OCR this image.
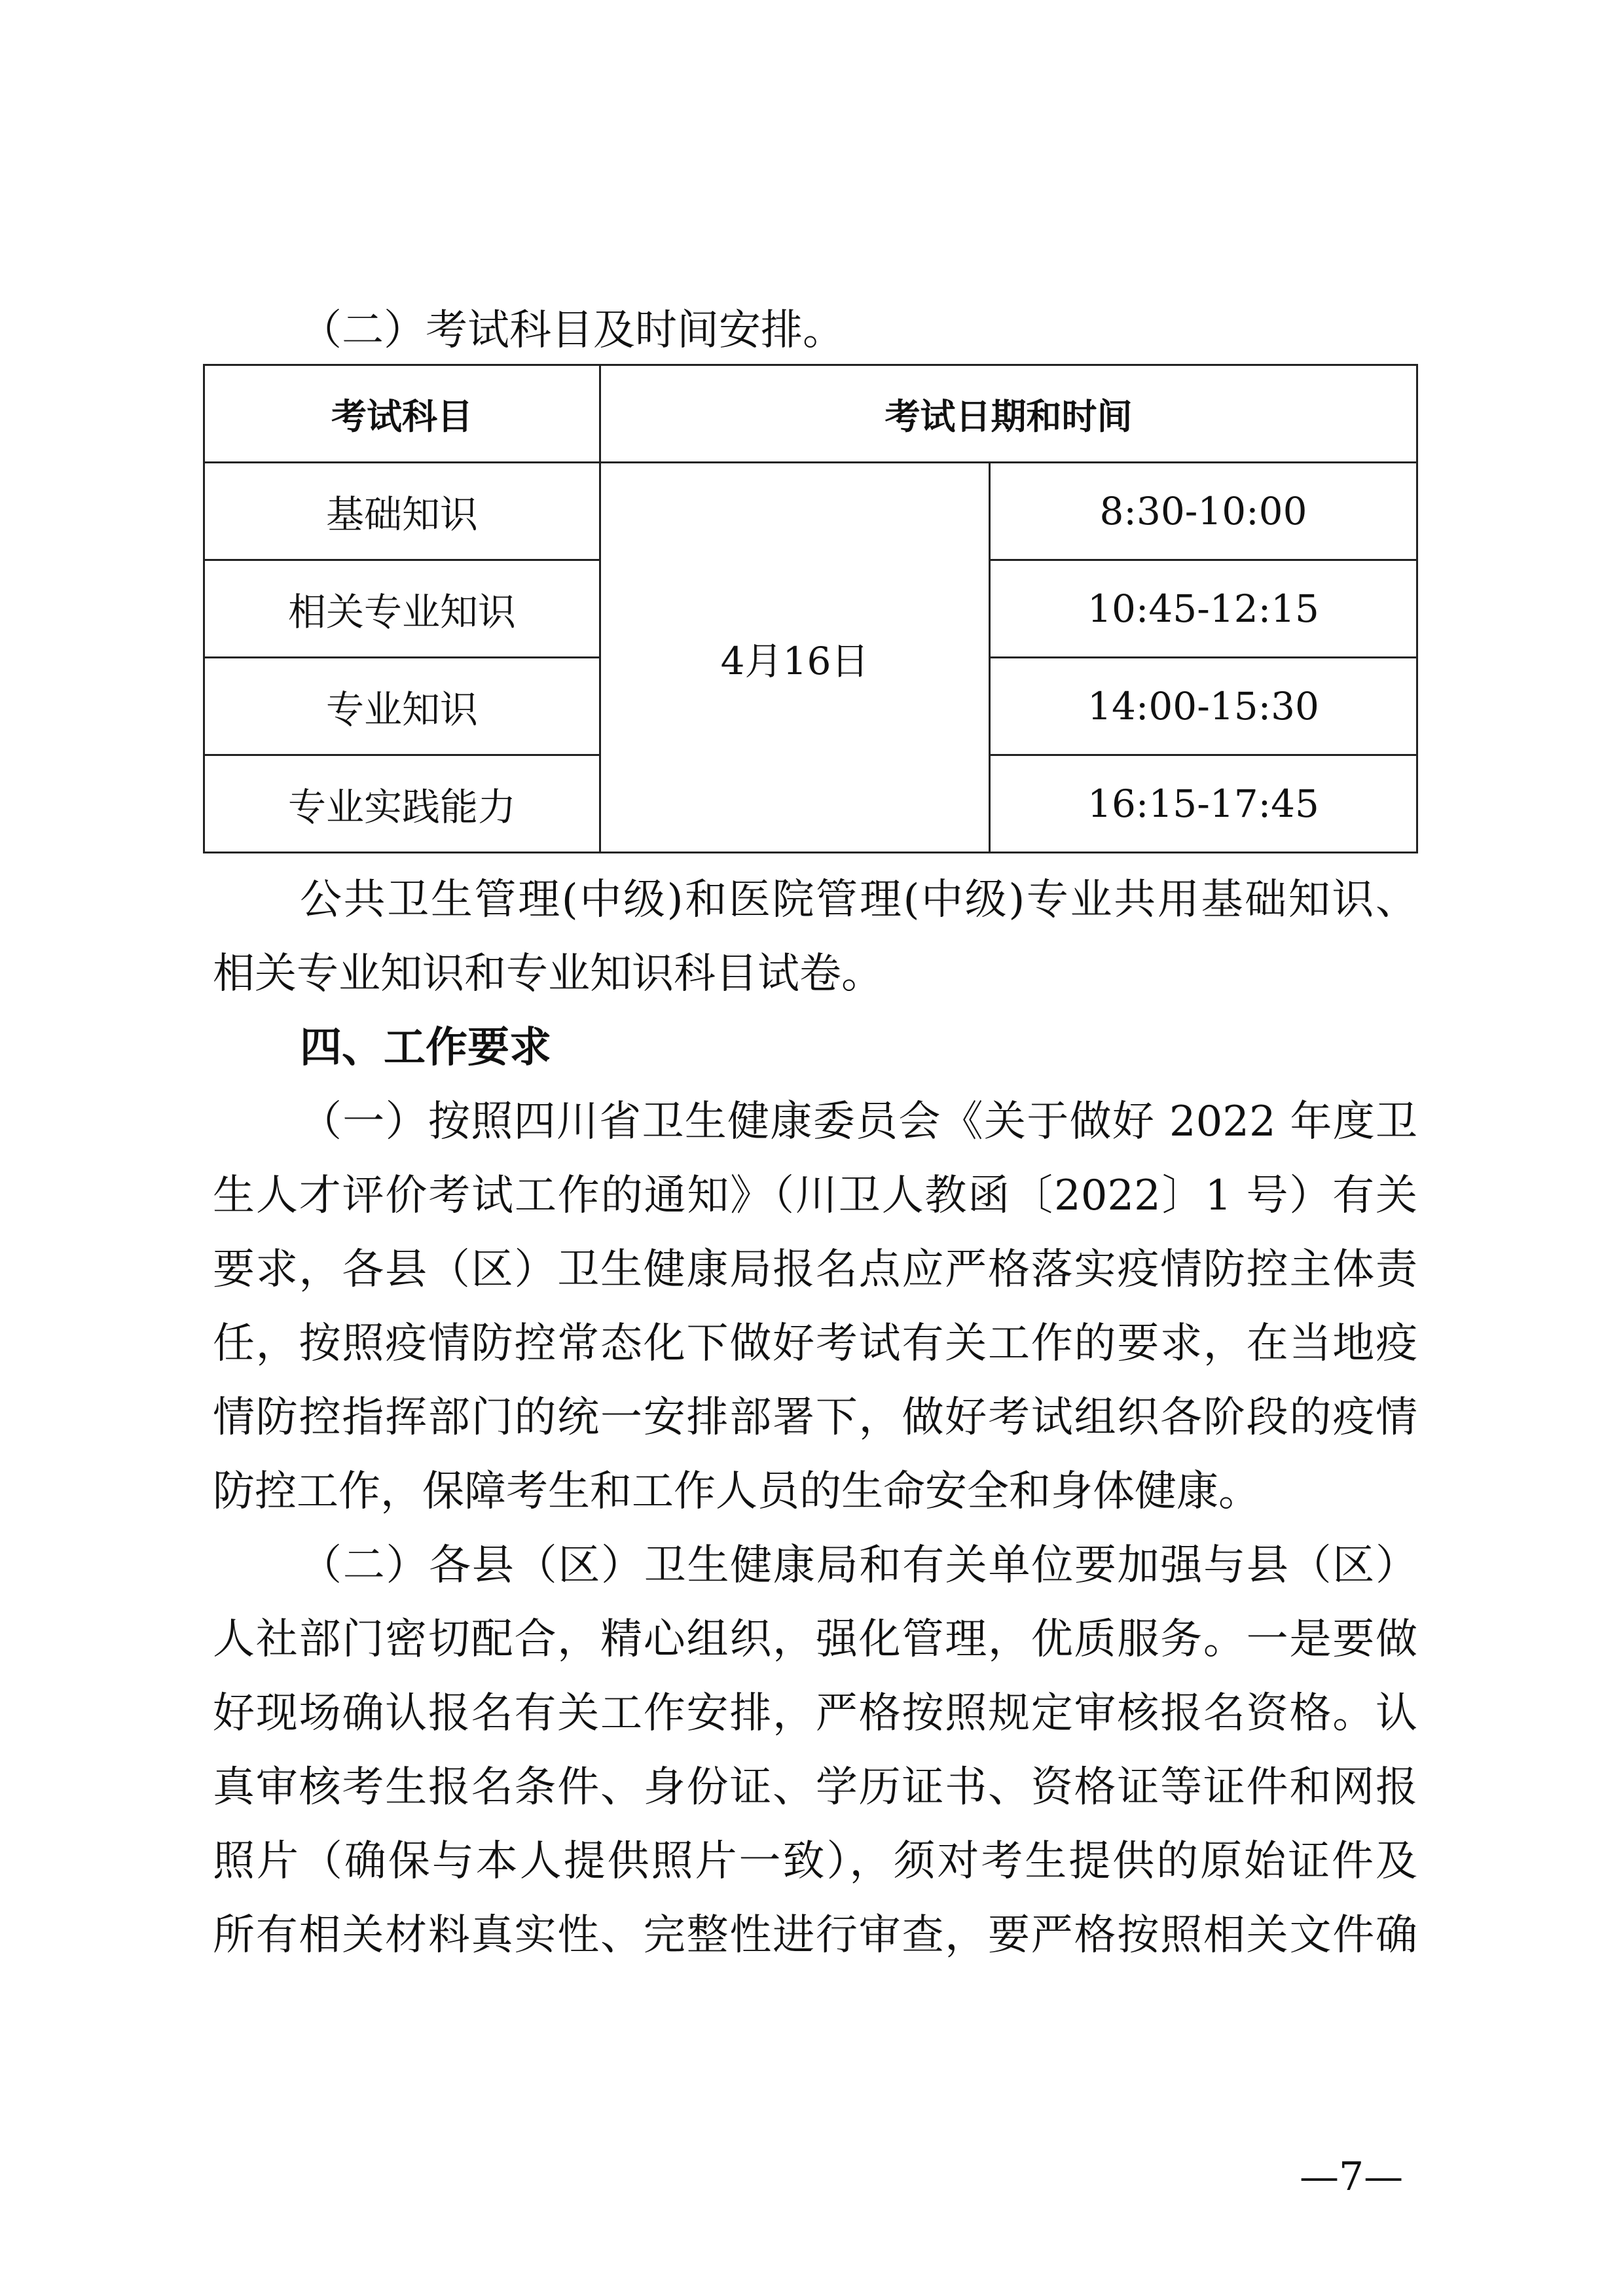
（二）考试科目及时间安排。
考试科目	考试日期和时间	
基础知识	4月16日	8:30-10:00
相关专业知识		10:45-12:15
专业知识		14:00-15:30
专业实践能力		16:15-17:45
公共卫生管理(中级)和医院管理(中级)专业共用基础知识、
相关专业知识和专业知识科目试卷。
四、工作要求
（一）按照四川省卫生健康委员会《关于做好 2022 年度卫
生人才评价考试工作的通知》（川卫人教函〔2022〕1 号）有关
要求，各县（区）卫生健康局报名点应严格落实疫情防控主体责
任，按照疫情防控常态化下做好考试有关工作的要求，在当地疫
情防控指挥部门的统一安排部署下，做好考试组织各阶段的疫情
防控工作，保障考生和工作人员的生命安全和身体健康。
（二）各县（区）卫生健康局和有关单位要加强与县（区）
人社部门密切配合，精心组织，强化管理，优质服务。一是要做
好现场确认报名有关工作安排，严格按照规定审核报名资格。认
真审核考生报名条件、身份证、学历证书、资格证等证件和网报
照片（确保与本人提供照片一致），须对考生提供的原始证件及
所有相关材料真实性、完整性进行审查，要严格按照相关文件确
—7—
